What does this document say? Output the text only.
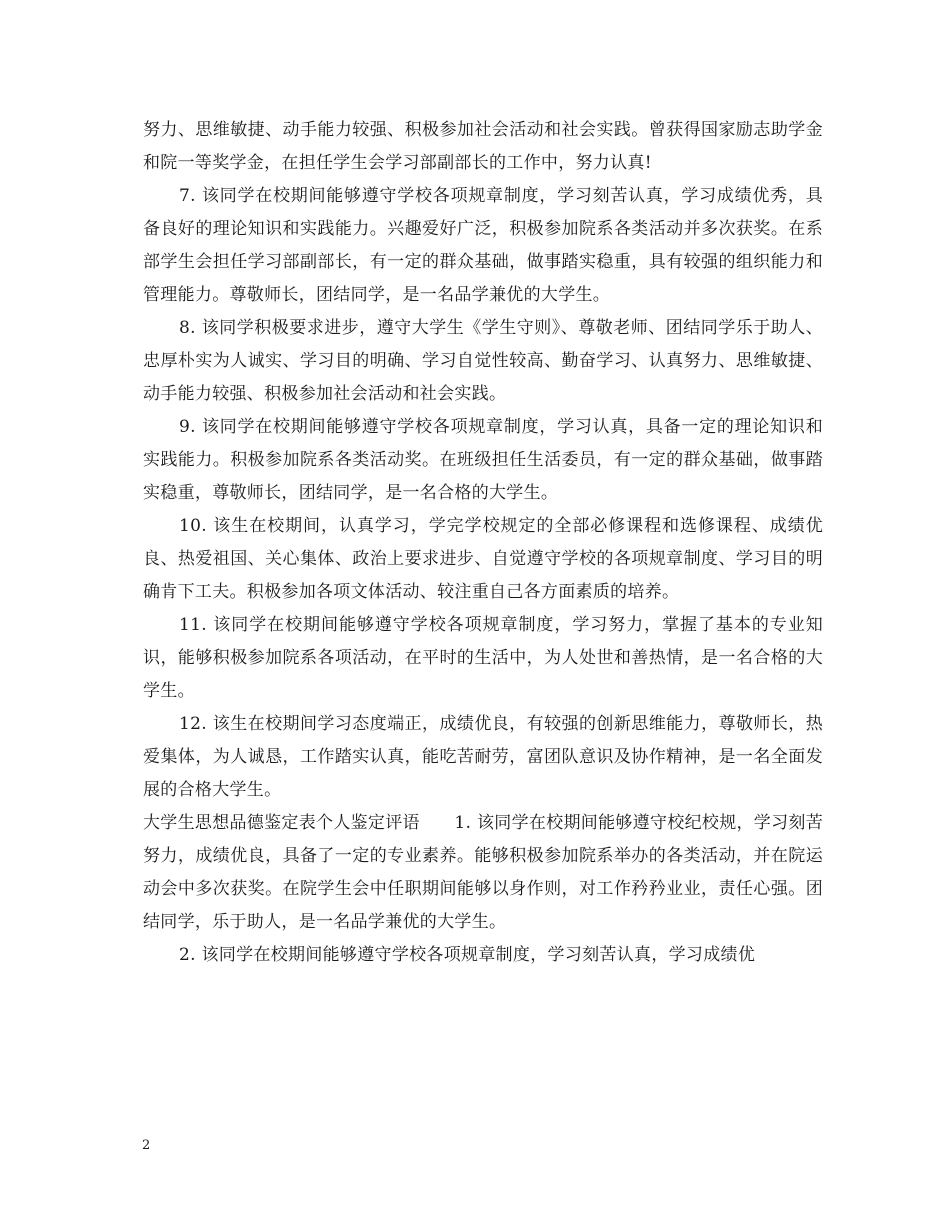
努力、思维敏捷、动手能力较强、积极参加社会活动和社会实践。曾获得国家励志助学金和院一等奖学金，在担任学生会学习部副部长的工作中，努力认真!

7. 该同学在校期间能够遵守学校各项规章制度，学习刻苦认真，学习成绩优秀，具备良好的理论知识和实践能力。兴趣爱好广泛，积极参加院系各类活动并多次获奖。在系部学生会担任学习部副部长，有一定的群众基础，做事踏实稳重，具有较强的组织能力和管理能力。尊敬师长，团结同学，是一名品学兼优的大学生。

8. 该同学积极要求进步，遵守大学生《学生守则》、尊敬老师、团结同学乐于助人、忠厚朴实为人诚实、学习目的明确、学习自觉性较高、勤奋学习、认真努力、思维敏捷、动手能力较强、积极参加社会活动和社会实践。

9. 该同学在校期间能够遵守学校各项规章制度，学习认真，具备一定的理论知识和实践能力。积极参加院系各类活动奖。在班级担任生活委员，有一定的群众基础，做事踏实稳重，尊敬师长，团结同学，是一名合格的大学生。

10. 该生在校期间，认真学习，学完学校规定的全部必修课程和选修课程、成绩优良、热爱祖国、关心集体、政治上要求进步、自觉遵守学校的各项规章制度、学习目的明确肯下工夫。积极参加各项文体活动、较注重自己各方面素质的培养。

11. 该同学在校期间能够遵守学校各项规章制度，学习努力，掌握了基本的专业知识，能够积极参加院系各项活动，在平时的生活中，为人处世和善热情，是一名合格的大学生。

12. 该生在校期间学习态度端正，成绩优良，有较强的创新思维能力，尊敬师长，热爱集体，为人诚恳，工作踏实认真，能吃苦耐劳，富团队意识及协作精神，是一名全面发展的合格大学生。

大学生思想品德鉴定表个人鉴定评语　　1. 该同学在校期间能够遵守校纪校规，学习刻苦努力，成绩优良，具备了一定的专业素养。能够积极参加院系举办的各类活动，并在院运动会中多次获奖。在院学生会中任职期间能够以身作则，对工作矜矜业业，责任心强。团结同学，乐于助人，是一名品学兼优的大学生。

2. 该同学在校期间能够遵守学校各项规章制度，学习刻苦认真，学习成绩优

2
